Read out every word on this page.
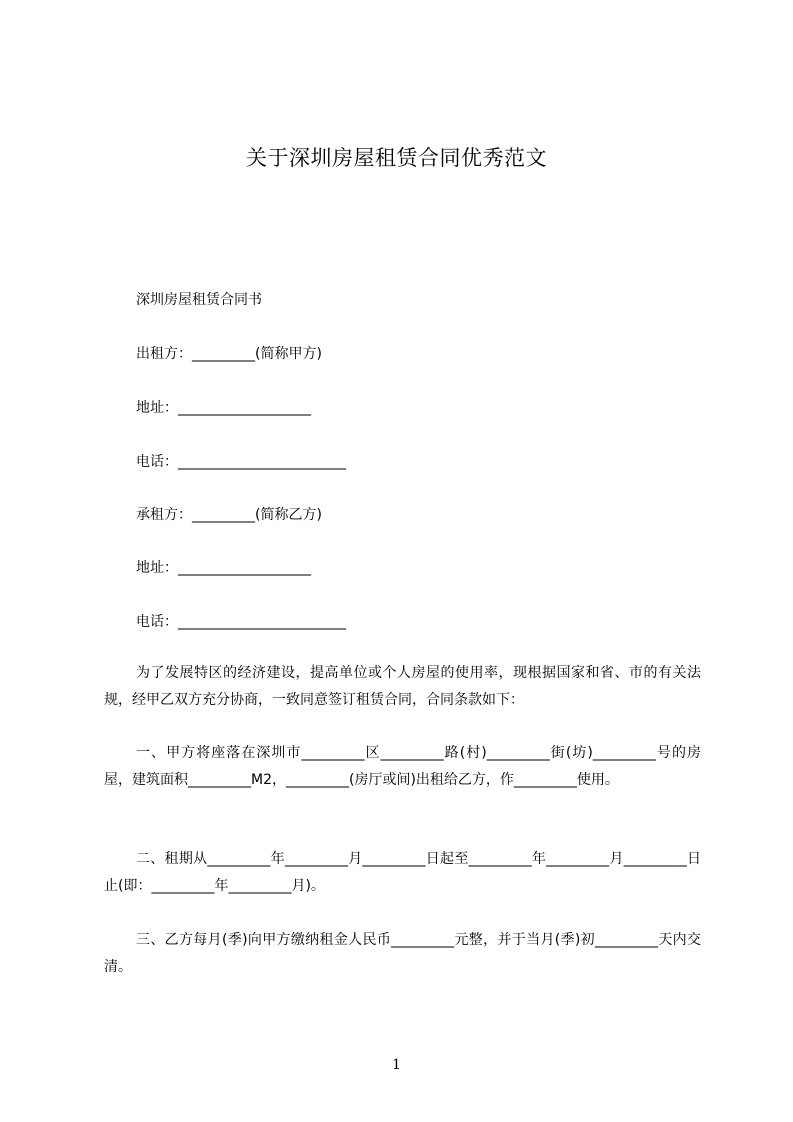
关于深圳房屋租赁合同优秀范文
深圳房屋租赁合同书
出租方：_________(简称甲方)
地址：___________________
电话：________________________
承租方：_________(简称乙方)
地址：___________________
电话：________________________
为了发展特区的经济建设，提高单位或个人房屋的使用率，现根据国家和省、市的有关法规，经甲乙双方充分协商，一致同意签订租赁合同，合同条款如下：
一、甲方将座落在深圳市_________区_________路(村)_________街(坊)_________号的房屋，建筑面积_________M2，_________(房厅或间)出租给乙方，作_________使用。
二、租期从_________年_________月_________日起至_________年_________月_________日止(即：_________年_________月)。
三、乙方每月(季)向甲方缴纳租金人民币_________元整，并于当月(季)初_________天内交清。
1
